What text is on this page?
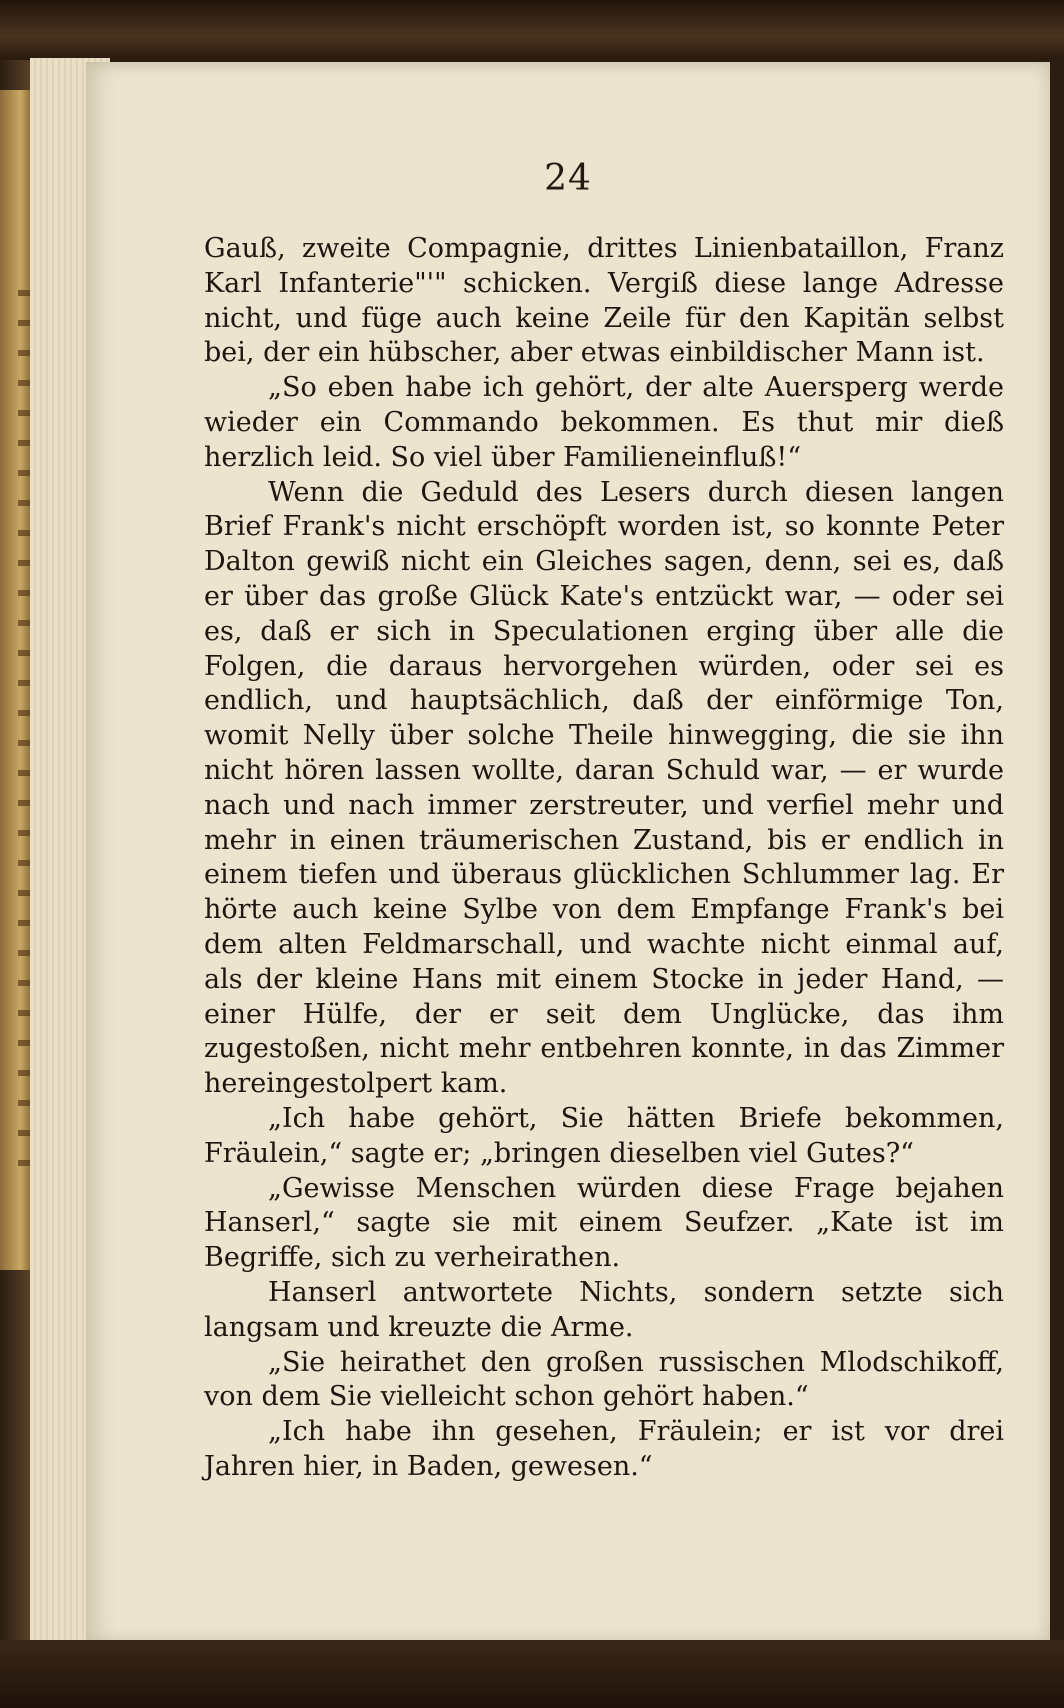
24

Gauß, zweite Compagnie, drittes Linienbataillon, Franz Karl Infanterie"'" schicken. Vergiß diese lange Adresse nicht, und füge auch keine Zeile für den Kapitän selbst bei, der ein hübscher, aber etwas einbildischer Mann ist.

„So eben habe ich gehört, der alte Auersperg werde wieder ein Commando bekommen. Es thut mir dieß herzlich leid. So viel über Familieneinfluß!“

Wenn die Geduld des Lesers durch diesen langen Brief Frank's nicht erschöpft worden ist, so konnte Peter Dalton gewiß nicht ein Gleiches sagen, denn, sei es, daß er über das große Glück Kate's entzückt war, — oder sei es, daß er sich in Speculationen erging über alle die Folgen, die daraus hervorgehen würden, oder sei es endlich, und hauptsächlich, daß der einförmige Ton, womit Nelly über solche Theile hinwegging, die sie ihn nicht hören lassen wollte, daran Schuld war, — er wurde nach und nach immer zerstreuter, und verfiel mehr und mehr in einen träumerischen Zustand, bis er endlich in einem tiefen und überaus glücklichen Schlummer lag. Er hörte auch keine Sylbe von dem Empfange Frank's bei dem alten Feldmarschall, und wachte nicht einmal auf, als der kleine Hans mit einem Stocke in jeder Hand, — einer Hülfe, der er seit dem Unglücke, das ihm zugestoßen, nicht mehr entbehren konnte, in das Zimmer hereingestolpert kam.

„Ich habe gehört, Sie hätten Briefe bekommen, Fräulein,“ sagte er; „bringen dieselben viel Gutes?“

„Gewisse Menschen würden diese Frage bejahen Hanserl,“ sagte sie mit einem Seufzer. „Kate ist im Begriffe, sich zu verheirathen.

Hanserl antwortete Nichts, sondern setzte sich langsam und kreuzte die Arme.

„Sie heirathet den großen russischen Mlodschikoff, von dem Sie vielleicht schon gehört haben.“

„Ich habe ihn gesehen, Fräulein; er ist vor drei Jahren hier, in Baden, gewesen.“
